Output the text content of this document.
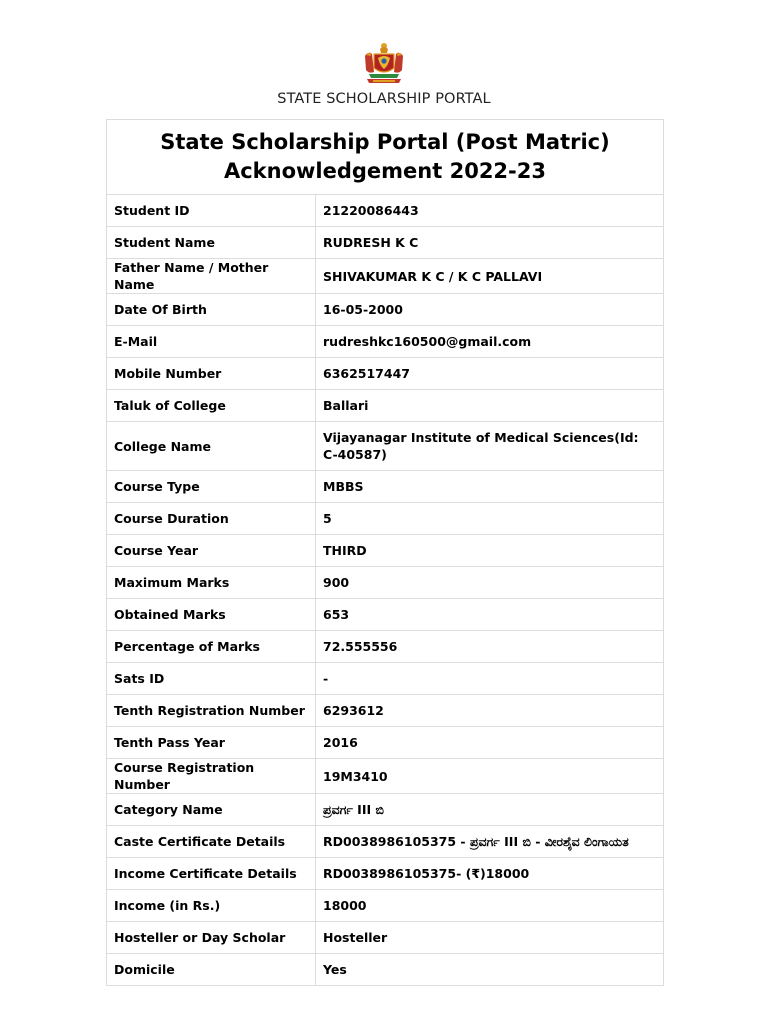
STATE SCHOLARSHIP PORTAL
State Scholarship Portal (Post Matric)
Acknowledgement 2022-23	
Student ID	21220086443
Student Name	RUDRESH K C
Father Name / Mother Name	SHIVAKUMAR K C / K C PALLAVI
Date Of Birth	16-05-2000
E-Mail	rudreshkc160500@gmail.com
Mobile Number	6362517447
Taluk of College	Ballari
College Name	Vijayanagar Institute of Medical Sciences(Id: C-40587)
Course Type	MBBS
Course Duration	5
Course Year	THIRD
Maximum Marks	900
Obtained Marks	653
Percentage of Marks	72.555556
Sats ID	-
Tenth Registration Number	6293612
Tenth Pass Year	2016
Course Registration Number	19M3410
Category Name	ಪ್ರವರ್ಗ III ಬಿ
Caste Certificate Details	RD0038986105375 - ಪ್ರವರ್ಗ III ಬಿ - ವೀರಶೈವ ಲಿಂಗಾಯತ
Income Certificate Details	RD0038986105375- (₹)18000
Income (in Rs.)	18000
Hosteller or Day Scholar	Hosteller
Domicile	Yes
